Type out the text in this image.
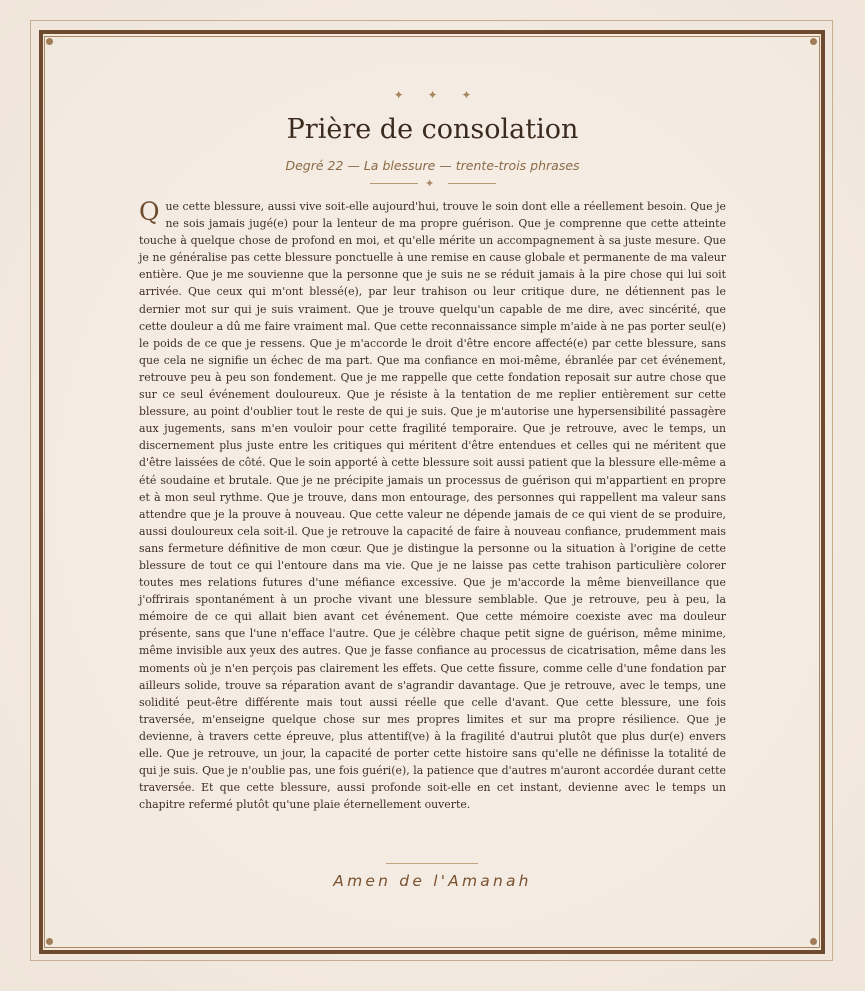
✦ ✦ ✦
Prière de consolation
Degré 22 — La blessure — trente-trois phrases
✦

Que cette blessure, aussi vive soit-elle aujourd'hui, trouve le soin dont elle a réellement besoin. Que je ne sois jamais jugé(e) pour la lenteur de ma propre guérison. Que je comprenne que cette atteinte touche à quelque chose de profond en moi, et qu'elle mérite un accompagnement à sa juste mesure. Que je ne généralise pas cette blessure ponctuelle à une remise en cause globale et permanente de ma valeur entière. Que je me souvienne que la personne que je suis ne se réduit jamais à la pire chose qui lui soit arrivée. Que ceux qui m'ont blessé(e), par leur trahison ou leur critique dure, ne détiennent pas le dernier mot sur qui je suis vraiment. Que je trouve quelqu'un capable de me dire, avec sincérité, que cette douleur a dû me faire vraiment mal. Que cette reconnaissance simple m'aide à ne pas porter seul(e) le poids de ce que je ressens. Que je m'accorde le droit d'être encore affecté(e) par cette blessure, sans que cela ne signifie un échec de ma part. Que ma confiance en moi-même, ébranlée par cet événement, retrouve peu à peu son fondement. Que je me rappelle que cette fondation reposait sur autre chose que sur ce seul événement douloureux. Que je résiste à la tentation de me replier entièrement sur cette blessure, au point d'oublier tout le reste de qui je suis. Que je m'autorise une hypersensibilité passagère aux jugements, sans m'en vouloir pour cette fragilité temporaire. Que je retrouve, avec le temps, un discernement plus juste entre les critiques qui méritent d'être entendues et celles qui ne méritent que d'être laissées de côté. Que le soin apporté à cette blessure soit aussi patient que la blessure elle-même a été soudaine et brutale. Que je ne précipite jamais un processus de guérison qui m'appartient en propre et à mon seul rythme. Que je trouve, dans mon entourage, des personnes qui rappellent ma valeur sans attendre que je la prouve à nouveau. Que cette valeur ne dépende jamais de ce qui vient de se produire, aussi douloureux cela soit-il. Que je retrouve la capacité de faire à nouveau confiance, prudemment mais sans fermeture définitive de mon cœur. Que je distingue la personne ou la situation à l'origine de cette blessure de tout ce qui l'entoure dans ma vie. Que je ne laisse pas cette trahison particulière colorer toutes mes relations futures d'une méfiance excessive. Que je m'accorde la même bienveillance que j'offrirais spontanément à un proche vivant une blessure semblable. Que je retrouve, peu à peu, la mémoire de ce qui allait bien avant cet événement. Que cette mémoire coexiste avec ma douleur présente, sans que l'une n'efface l'autre. Que je célèbre chaque petit signe de guérison, même minime, même invisible aux yeux des autres. Que je fasse confiance au processus de cicatrisation, même dans les moments où je n'en perçois pas clairement les effets. Que cette fissure, comme celle d'une fondation par ailleurs solide, trouve sa réparation avant de s'agrandir davantage. Que je retrouve, avec le temps, une solidité peut-être différente mais tout aussi réelle que celle d'avant. Que cette blessure, une fois traversée, m'enseigne quelque chose sur mes propres limites et sur ma propre résilience. Que je devienne, à travers cette épreuve, plus attentif(ve) à la fragilité d'autrui plutôt que plus dur(e) envers elle. Que je retrouve, un jour, la capacité de porter cette histoire sans qu'elle ne définisse la totalité de qui je suis. Que je n'oublie pas, une fois guéri(e), la patience que d'autres m'auront accordée durant cette traversée. Et que cette blessure, aussi profonde soit-elle en cet instant, devienne avec le temps un chapitre refermé plutôt qu'une plaie éternellement ouverte.

Amen de l'Amanah
